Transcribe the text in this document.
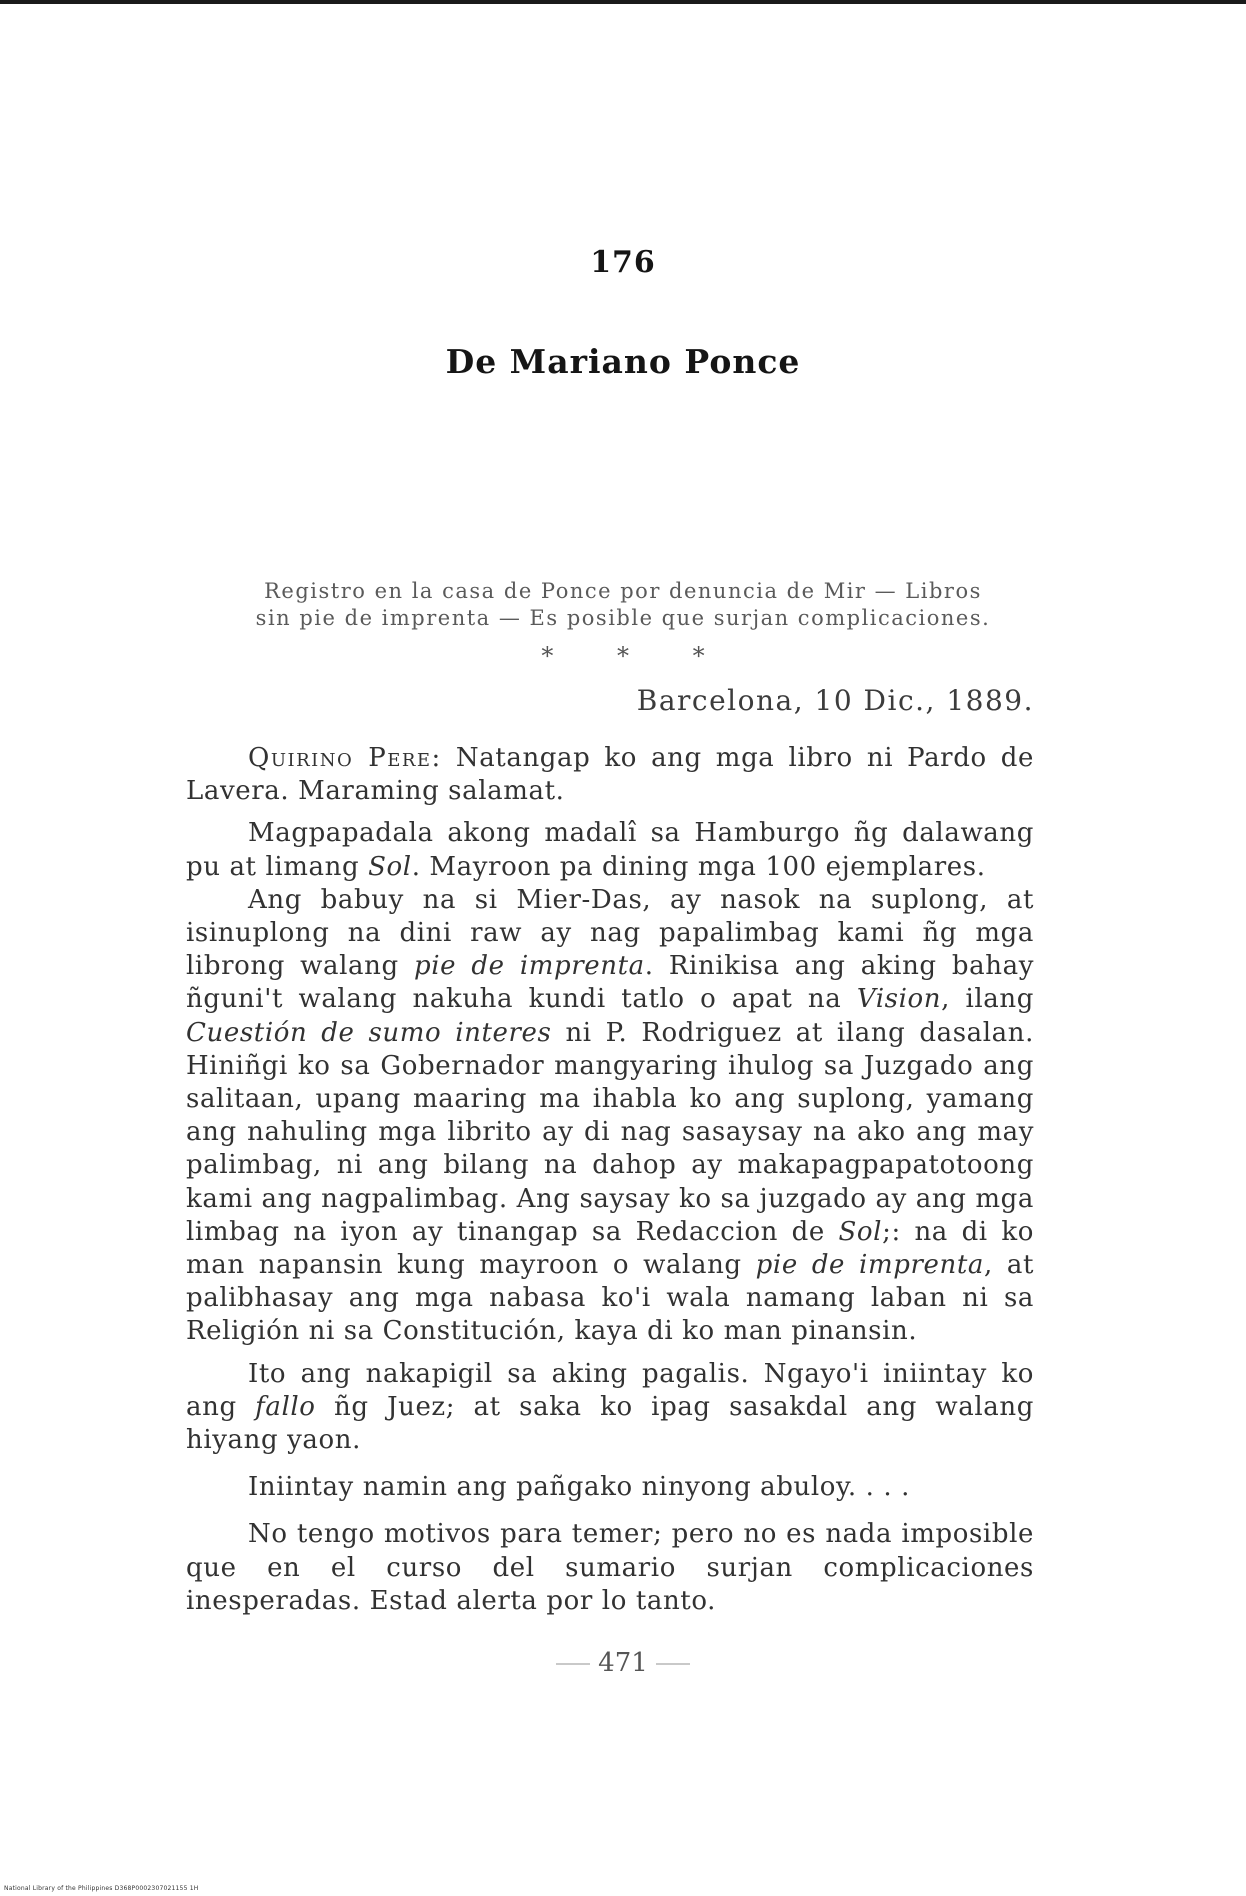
176
De Mariano Ponce
Registro en la casa de Ponce por denuncia de Mir — Libros
sin pie de imprenta — Es posible que surjan complicaciones.
* * *
Barcelona, 10 Dic., 1889.

Quirino Pere: Natangap ko ang mga libro ni Pardo de Lavera. Maraming salamat.

Magpapadala akong madalî sa Hamburgo ñg dalawang pu at limang Sol. Mayroon pa dining mga 100 ejemplares.

Ang babuy na si Mier-Das, ay nasok na suplong, at isinuplong na dini raw ay nag papalimbag kami ñg mga librong walang pie de imprenta. Rinikisa ang aking bahay ñguni't walang nakuha kundi tatlo o apat na Vision, ilang Cuestión de sumo interes ni P. Rodriguez at ilang dasalan. Hiniñgi ko sa Gobernador mangyaring ihulog sa Juzgado ang salitaan, upang maaring ma ihabla ko ang suplong, yamang ang nahuling mga librito ay di nag sasaysay na ako ang may palimbag, ni ang bilang na dahop ay makapagpapatotoong kami ang nagpalimbag. Ang saysay ko sa juzgado ay ang mga limbag na iyon ay tinangap sa Redaccion de Sol;: na di ko man napansin kung mayroon o walang pie de imprenta, at palibhasay ang mga nabasa ko'i wala namang laban ni sa Religión ni sa Constitución, kaya di ko man pinansin.

Ito ang nakapigil sa aking pagalis. Ngayo'i iniintay ko ang fallo ñg Juez; at saka ko ipag sasakdal ang walang hiyang yaon.

Iniintay namin ang pañgako ninyong abuloy. . . .

No tengo motivos para temer; pero no es nada imposible que en el curso del sumario surjan complicaciones inesperadas. Estad alerta por lo tanto.

471
National Library of the Philippines D368P0002307021155 1H
